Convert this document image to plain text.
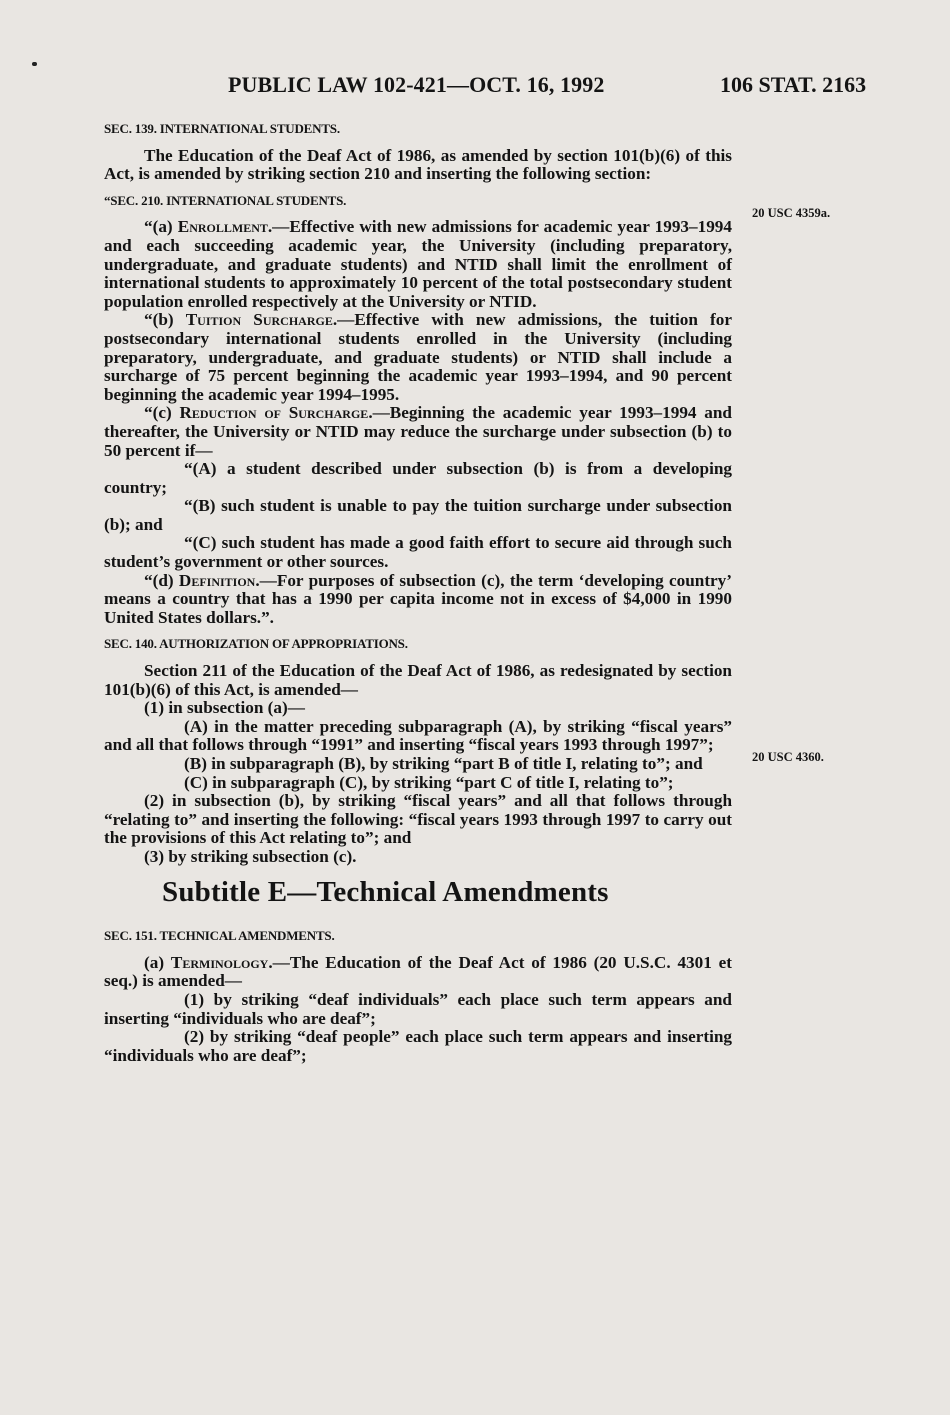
PUBLIC LAW 102-421—OCT. 16, 1992	106 STAT. 2163
20 USC 4359a.
20 USC 4360.
SEC. 139. INTERNATIONAL STUDENTS.

The Education of the Deaf Act of 1986, as amended by section 101(b)(6) of this Act, is amended by striking section 210 and inserting the following section:

“SEC. 210. INTERNATIONAL STUDENTS.

“(a) Enrollment.—Effective with new admissions for academic year 1993–1994 and each succeeding academic year, the University (including preparatory, undergraduate, and graduate students) and NTID shall limit the enrollment of international students to approximately 10 percent of the total postsecondary student population enrolled respectively at the University or NTID.

“(b) Tuition Surcharge.—Effective with new admissions, the tuition for postsecondary international students enrolled in the University (including preparatory, undergraduate, and graduate students) or NTID shall include a surcharge of 75 percent beginning the academic year 1993–1994, and 90 percent beginning the academic year 1994–1995.

“(c) Reduction of Surcharge.—Beginning the academic year 1993–1994 and thereafter, the University or NTID may reduce the surcharge under subsection (b) to 50 percent if—

“(A) a student described under subsection (b) is from a developing country;

“(B) such student is unable to pay the tuition surcharge under subsection (b); and

“(C) such student has made a good faith effort to secure aid through such student’s government or other sources.

“(d) Definition.—For purposes of subsection (c), the term ‘developing country’ means a country that has a 1990 per capita income not in excess of $4,000 in 1990 United States dollars.”.

SEC. 140. AUTHORIZATION OF APPROPRIATIONS.

Section 211 of the Education of the Deaf Act of 1986, as redesignated by section 101(b)(6) of this Act, is amended—

(1) in subsection (a)—

(A) in the matter preceding subparagraph (A), by striking “fiscal years” and all that follows through “1991” and inserting “fiscal years 1993 through 1997”;

(B) in subparagraph (B), by striking “part B of title I, relating to”; and

(C) in subparagraph (C), by striking “part C of title I, relating to”;

(2) in subsection (b), by striking “fiscal years” and all that follows through “relating to” and inserting the following: “fiscal years 1993 through 1997 to carry out the provisions of this Act relating to”; and

(3) by striking subsection (c).

Subtitle E—Technical Amendments
SEC. 151. TECHNICAL AMENDMENTS.

(a) Terminology.—The Education of the Deaf Act of 1986 (20 U.S.C. 4301 et seq.) is amended—

(1) by striking “deaf individuals” each place such term appears and inserting “individuals who are deaf”;

(2) by striking “deaf people” each place such term appears and inserting “individuals who are deaf”;
